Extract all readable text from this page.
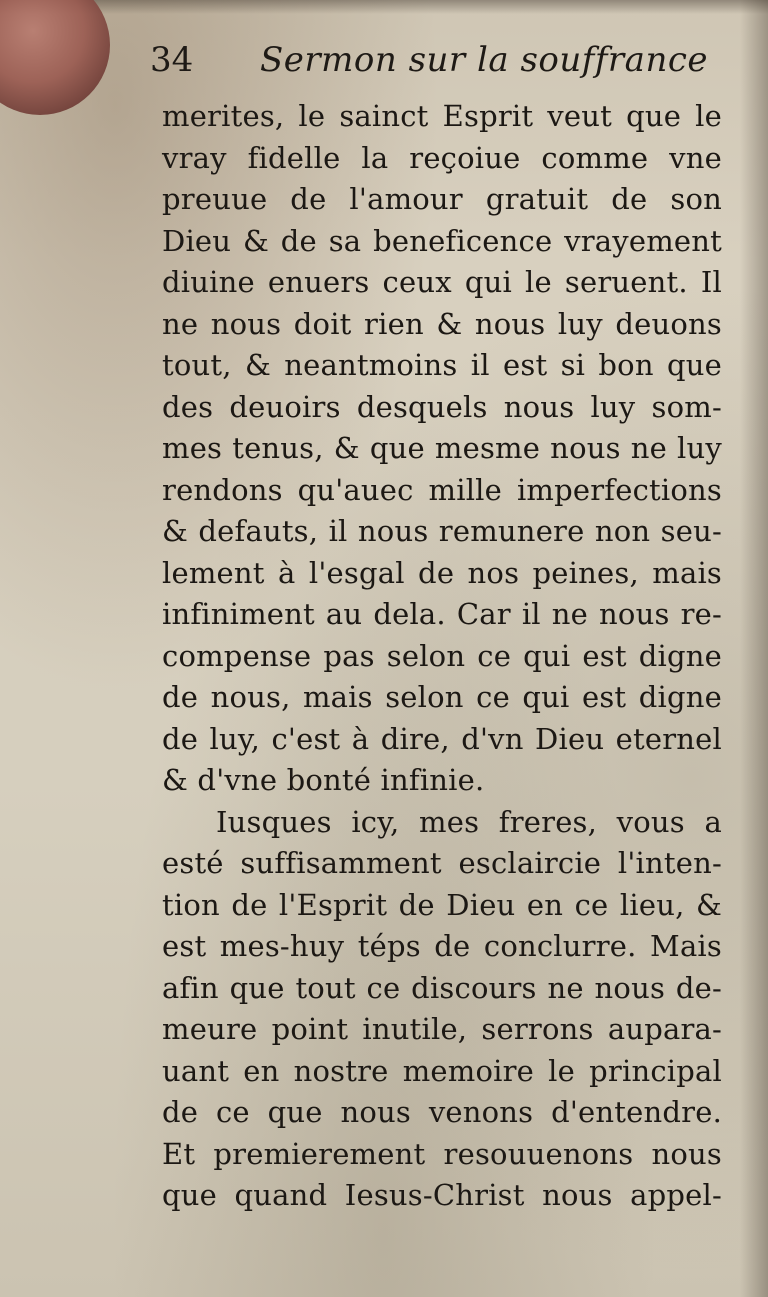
34 Sermon sur la souffrance
merites, le sainct Esprit veut que le
vray fidelle la reçoiue comme vne
preuue de l'amour gratuit de son
Dieu & de sa beneficence vrayement
diuine enuers ceux qui le seruent. Il
ne nous doit rien & nous luy deuons
tout, & neantmoins il est si bon que
des deuoirs desquels nous luy som-
mes tenus, & que mesme nous ne luy
rendons qu'auec mille imperfections
& defauts, il nous remunere non seu-
lement à l'esgal de nos peines, mais
infiniment au dela. Car il ne nous re-
compense pas selon ce qui est digne
de nous, mais selon ce qui est digne
de luy, c'est à dire, d'vn Dieu eternel
& d'vne bonté infinie.
Iusques icy, mes freres, vous a
esté suffisamment esclaircie l'inten-
tion de l'Esprit de Dieu en ce lieu, &
est mes-huy téps de conclurre. Mais
afin que tout ce discours ne nous de-
meure point inutile, serrons aupara-
uant en nostre memoire le principal
de ce que nous venons d'entendre.
Et premierement resouuenons nous
que quand Iesus-Christ nous appel-
